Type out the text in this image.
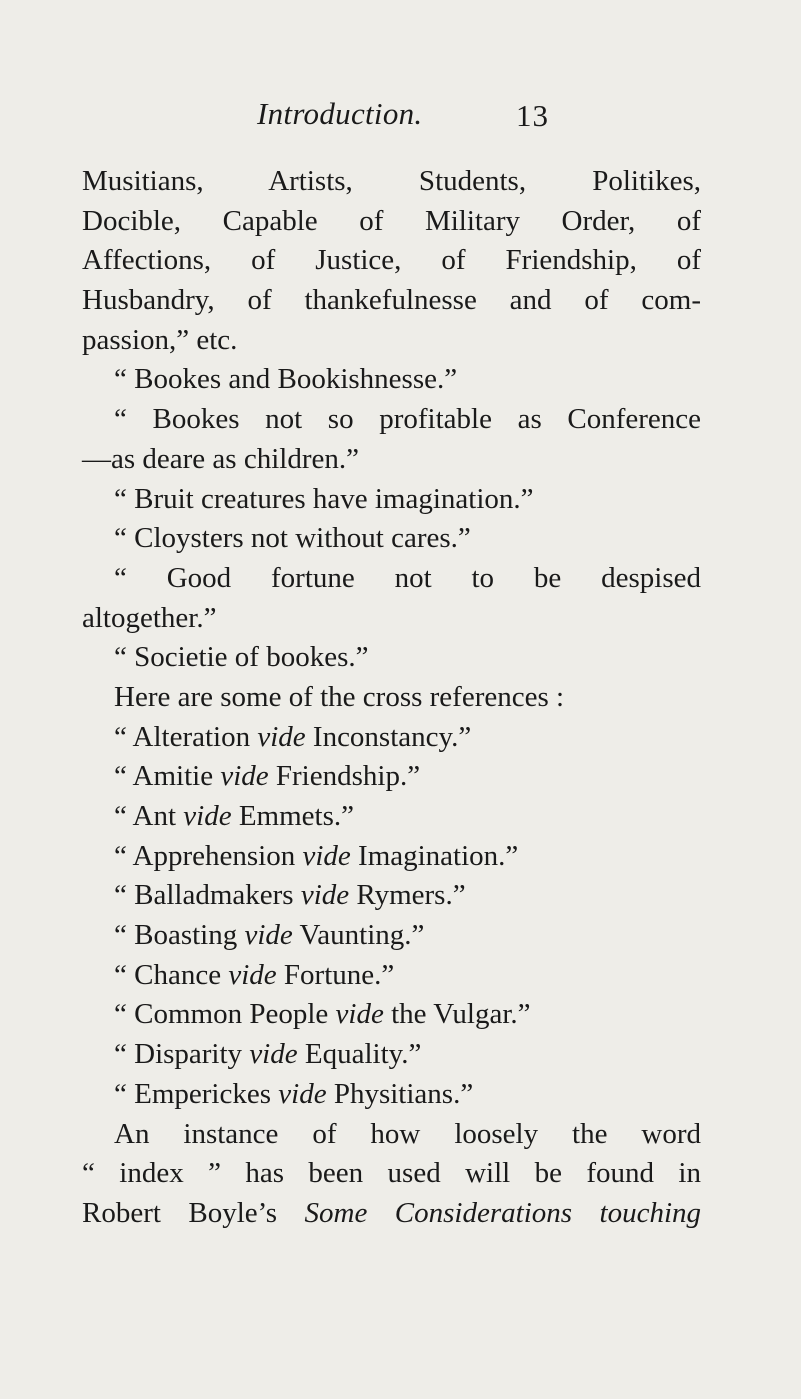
Introduction.	13
Musitians, Artists, Students, Politikes,
Docible, Capable of Military Order, of
Affections, of Justice, of Friendship, of
Husbandry, of thankefulnesse and of com-
passion,” etc.
“ Bookes and Bookishnesse.”
“ Bookes not so profitable as Conference
—as deare as children.”
“ Bruit creatures have imagination.”
“ Cloysters not without cares.”
“ Good fortune not to be despised
altogether.”
“ Societie of bookes.”
Here are some of the cross references :
“ Alteration vide Inconstancy.”
“ Amitie vide Friendship.”
“ Ant vide Emmets.”
“ Apprehension vide Imagination.”
“ Balladmakers vide Rymers.”
“ Boasting vide Vaunting.”
“ Chance vide Fortune.”
“ Common People vide the Vulgar.”
“ Disparity vide Equality.”
“ Emperickes vide Physitians.”
An instance of how loosely the word
“ index ” has been used will be found in
Robert Boyle’s Some Considerations touching
